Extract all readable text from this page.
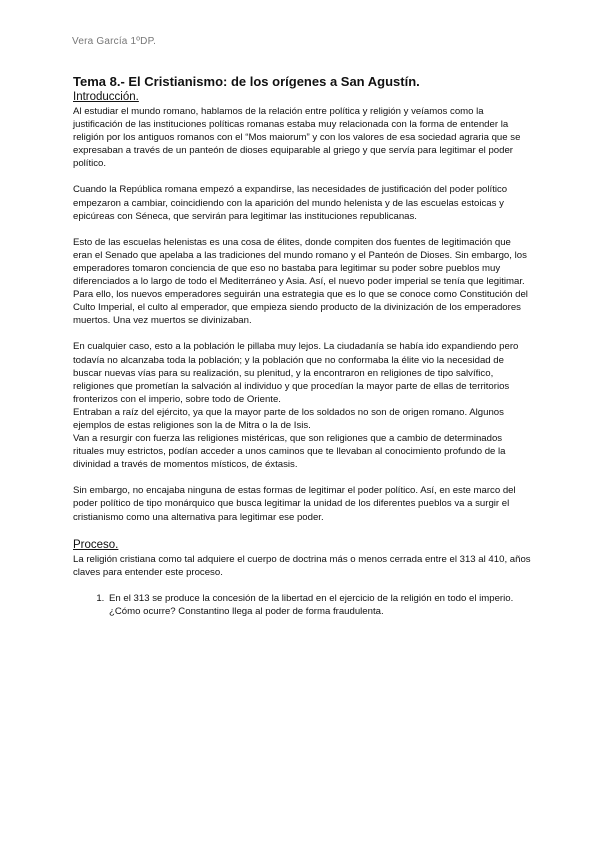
Vera García 1ºDP.
Tema 8.- El Cristianismo: de los orígenes a San Agustín.
Introducción.

Al estudiar el mundo romano, hablamos de la relación entre política y religión y veíamos como la justificación de las instituciones políticas romanas estaba muy relacionada con la forma de entender la religión por los antiguos romanos con el “Mos maiorum” y con los valores de esa sociedad agraria que se expresaban a través de un panteón de dioses equiparable al griego y que servía para legitimar el poder político.

Cuando la República romana empezó a expandirse, las necesidades de justificación del poder político empezaron a cambiar, coincidiendo con la aparición del mundo helenista y de las escuelas estoicas y epicúreas con Séneca, que servirán para legitimar las instituciones republicanas.

Esto de las escuelas helenistas es una cosa de élites, donde compiten dos fuentes de legitimación que eran el Senado que apelaba a las tradiciones del mundo romano y el Panteón de Dioses. Sin embargo, los emperadores tomaron conciencia de que eso no bastaba para legitimar su poder sobre pueblos muy diferenciados a lo largo de todo el Mediterráneo y Asia. Así, el nuevo poder imperial se tenía que legitimar.

Para ello, los nuevos emperadores seguirán una estrategia que es lo que se conoce como Constitución del Culto Imperial, el culto al emperador, que empieza siendo producto de la divinización de los emperadores muertos. Una vez muertos se divinizaban.

En cualquier caso, esto a la población le pillaba muy lejos. La ciudadanía se había ido expandiendo pero todavía no alcanzaba toda la población; y la población que no conformaba la élite vio la necesidad de buscar nuevas vías para su realización, su plenitud, y la encontraron en religiones de tipo salvífico, religiones que prometían la salvación al individuo y que procedían la mayor parte de ellas de territorios fronterizos con el imperio, sobre todo de Oriente.

Entraban a raíz del ejército, ya que la mayor parte de los soldados no son de origen romano. Algunos ejemplos de estas religiones son la de Mitra o la de Isis.

Van a resurgir con fuerza las religiones mistéricas, que son religiones que a cambio de determinados rituales muy estrictos, podían acceder a unos caminos que te llevaban al conocimiento profundo de la divinidad a través de momentos místicos, de éxtasis.

Sin embargo, no encajaba ninguna de estas formas de legitimar el poder político. Así, en este marco del poder político de tipo monárquico que busca legitimar la unidad de los diferentes pueblos va a surgir el cristianismo como una alternativa para legitimar ese poder.

Proceso.

La religión cristiana como tal adquiere el cuerpo de doctrina más o menos cerrada entre el 313 al 410, años claves para entender este proceso.

1. En el 313 se produce la concesión de la libertad en el ejercicio de la religión en todo el imperio.
¿Cómo ocurre? Constantino llega al poder de forma fraudulenta.
